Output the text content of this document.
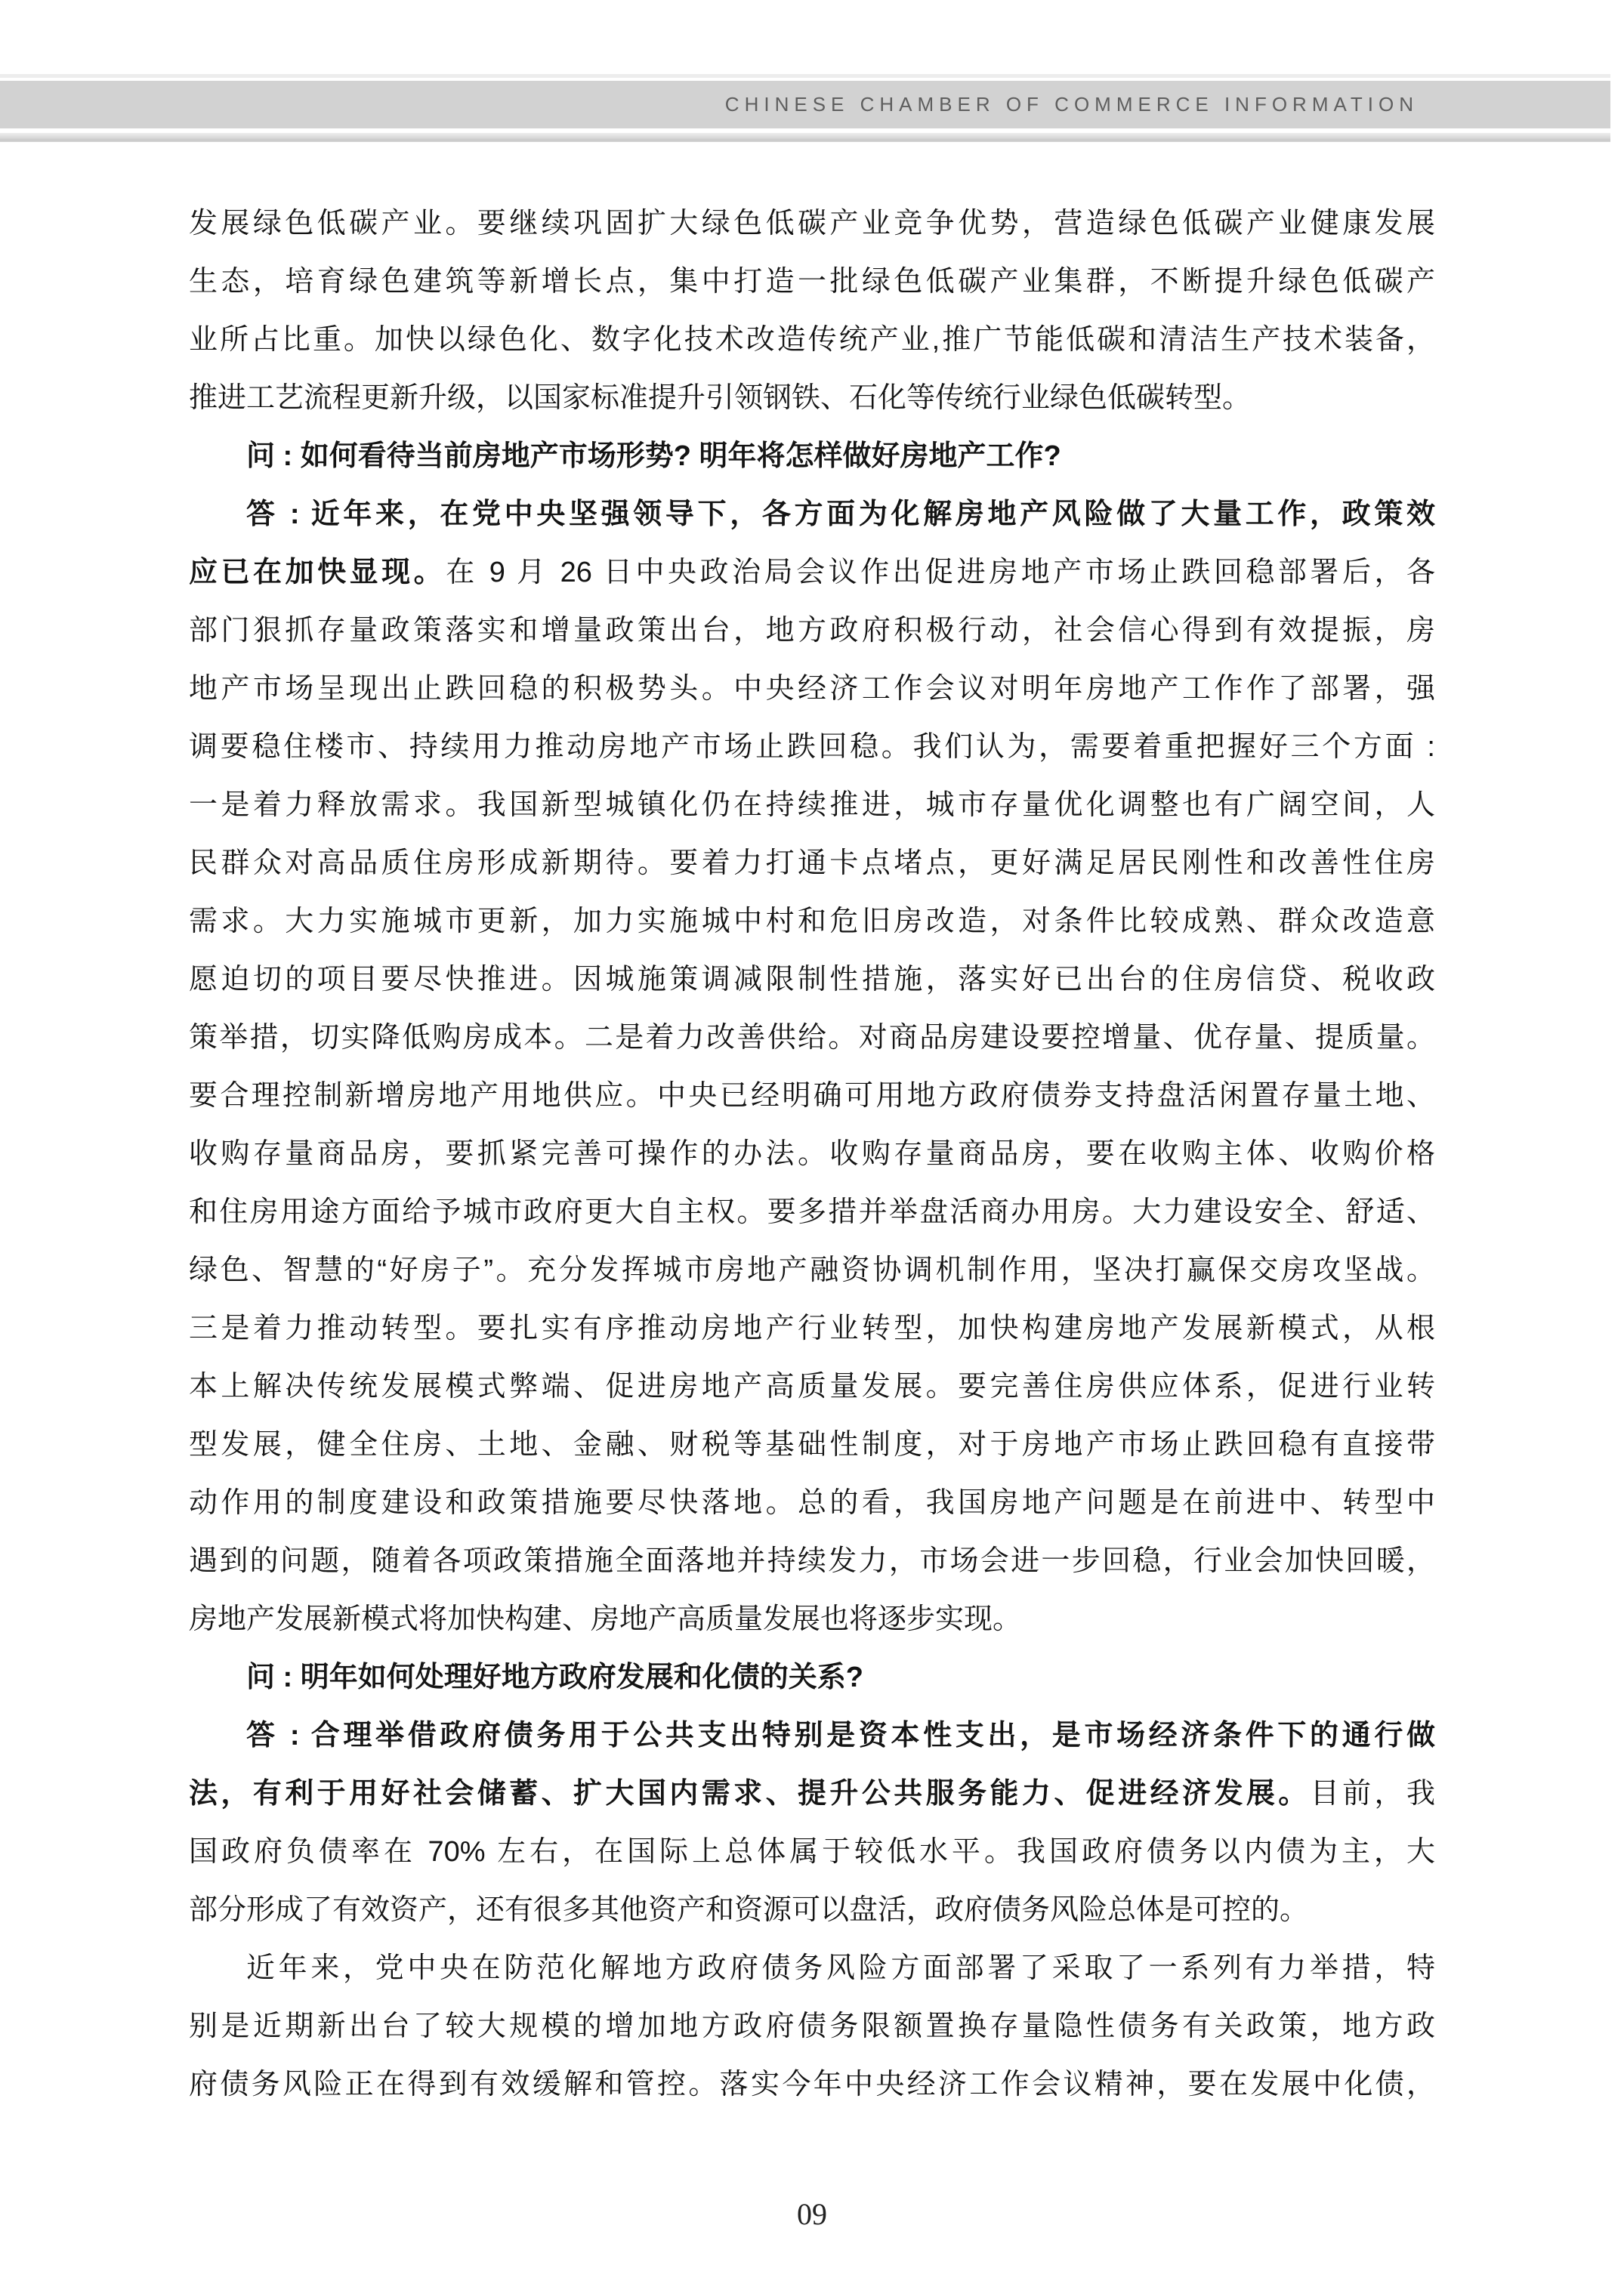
CHINESE CHAMBER OF COMMERCE INFORMATION
发展绿色低碳产业。要继续巩固扩大绿色低碳产业竞争优势，营造绿色低碳产业健康发展
生态，培育绿色建筑等新增长点，集中打造一批绿色低碳产业集群，不断提升绿色低碳产
业所占比重。加快以绿色化、数字化技术改造传统产业,推广节能低碳和清洁生产技术装备，
推进工艺流程更新升级，以国家标准提升引领钢铁、石化等传统行业绿色低碳转型。
问 : 如何看待当前房地产市场形势? 明年将怎样做好房地产工作?
答 : 近年来，在党中央坚强领导下，各方面为化解房地产风险做了大量工作，政策效
应已在加快显现。在 9 月 26 日中央政治局会议作出促进房地产市场止跌回稳部署后，各
部门狠抓存量政策落实和增量政策出台，地方政府积极行动，社会信心得到有效提振，房
地产市场呈现出止跌回稳的积极势头。中央经济工作会议对明年房地产工作作了部署，强
调要稳住楼市、持续用力推动房地产市场止跌回稳。我们认为，需要着重把握好三个方面 :
一是着力释放需求。我国新型城镇化仍在持续推进，城市存量优化调整也有广阔空间，人
民群众对高品质住房形成新期待。要着力打通卡点堵点，更好满足居民刚性和改善性住房
需求。大力实施城市更新，加力实施城中村和危旧房改造，对条件比较成熟、群众改造意
愿迫切的项目要尽快推进。因城施策调减限制性措施，落实好已出台的住房信贷、税收政
策举措，切实降低购房成本。二是着力改善供给。对商品房建设要控增量、优存量、提质量。
要合理控制新增房地产用地供应。中央已经明确可用地方政府债券支持盘活闲置存量土地、
收购存量商品房，要抓紧完善可操作的办法。收购存量商品房，要在收购主体、收购价格
和住房用途方面给予城市政府更大自主权。要多措并举盘活商办用房。大力建设安全、舒适、
绿色、智慧的“好房子”。充分发挥城市房地产融资协调机制作用，坚决打赢保交房攻坚战。
三是着力推动转型。要扎实有序推动房地产行业转型，加快构建房地产发展新模式，从根
本上解决传统发展模式弊端、促进房地产高质量发展。要完善住房供应体系，促进行业转
型发展，健全住房、土地、金融、财税等基础性制度，对于房地产市场止跌回稳有直接带
动作用的制度建设和政策措施要尽快落地。总的看，我国房地产问题是在前进中、转型中
遇到的问题，随着各项政策措施全面落地并持续发力，市场会进一步回稳，行业会加快回暖，
房地产发展新模式将加快构建、房地产高质量发展也将逐步实现。
问 : 明年如何处理好地方政府发展和化债的关系?
答 : 合理举借政府债务用于公共支出特别是资本性支出，是市场经济条件下的通行做
法，有利于用好社会储蓄、扩大国内需求、提升公共服务能力、促进经济发展。目前，我
国政府负债率在 70% 左右，在国际上总体属于较低水平。我国政府债务以内债为主，大
部分形成了有效资产，还有很多其他资产和资源可以盘活，政府债务风险总体是可控的。
近年来，党中央在防范化解地方政府债务风险方面部署了采取了一系列有力举措，特
别是近期新出台了较大规模的增加地方政府债务限额置换存量隐性债务有关政策，地方政
府债务风险正在得到有效缓解和管控。落实今年中央经济工作会议精神，要在发展中化债，
09
